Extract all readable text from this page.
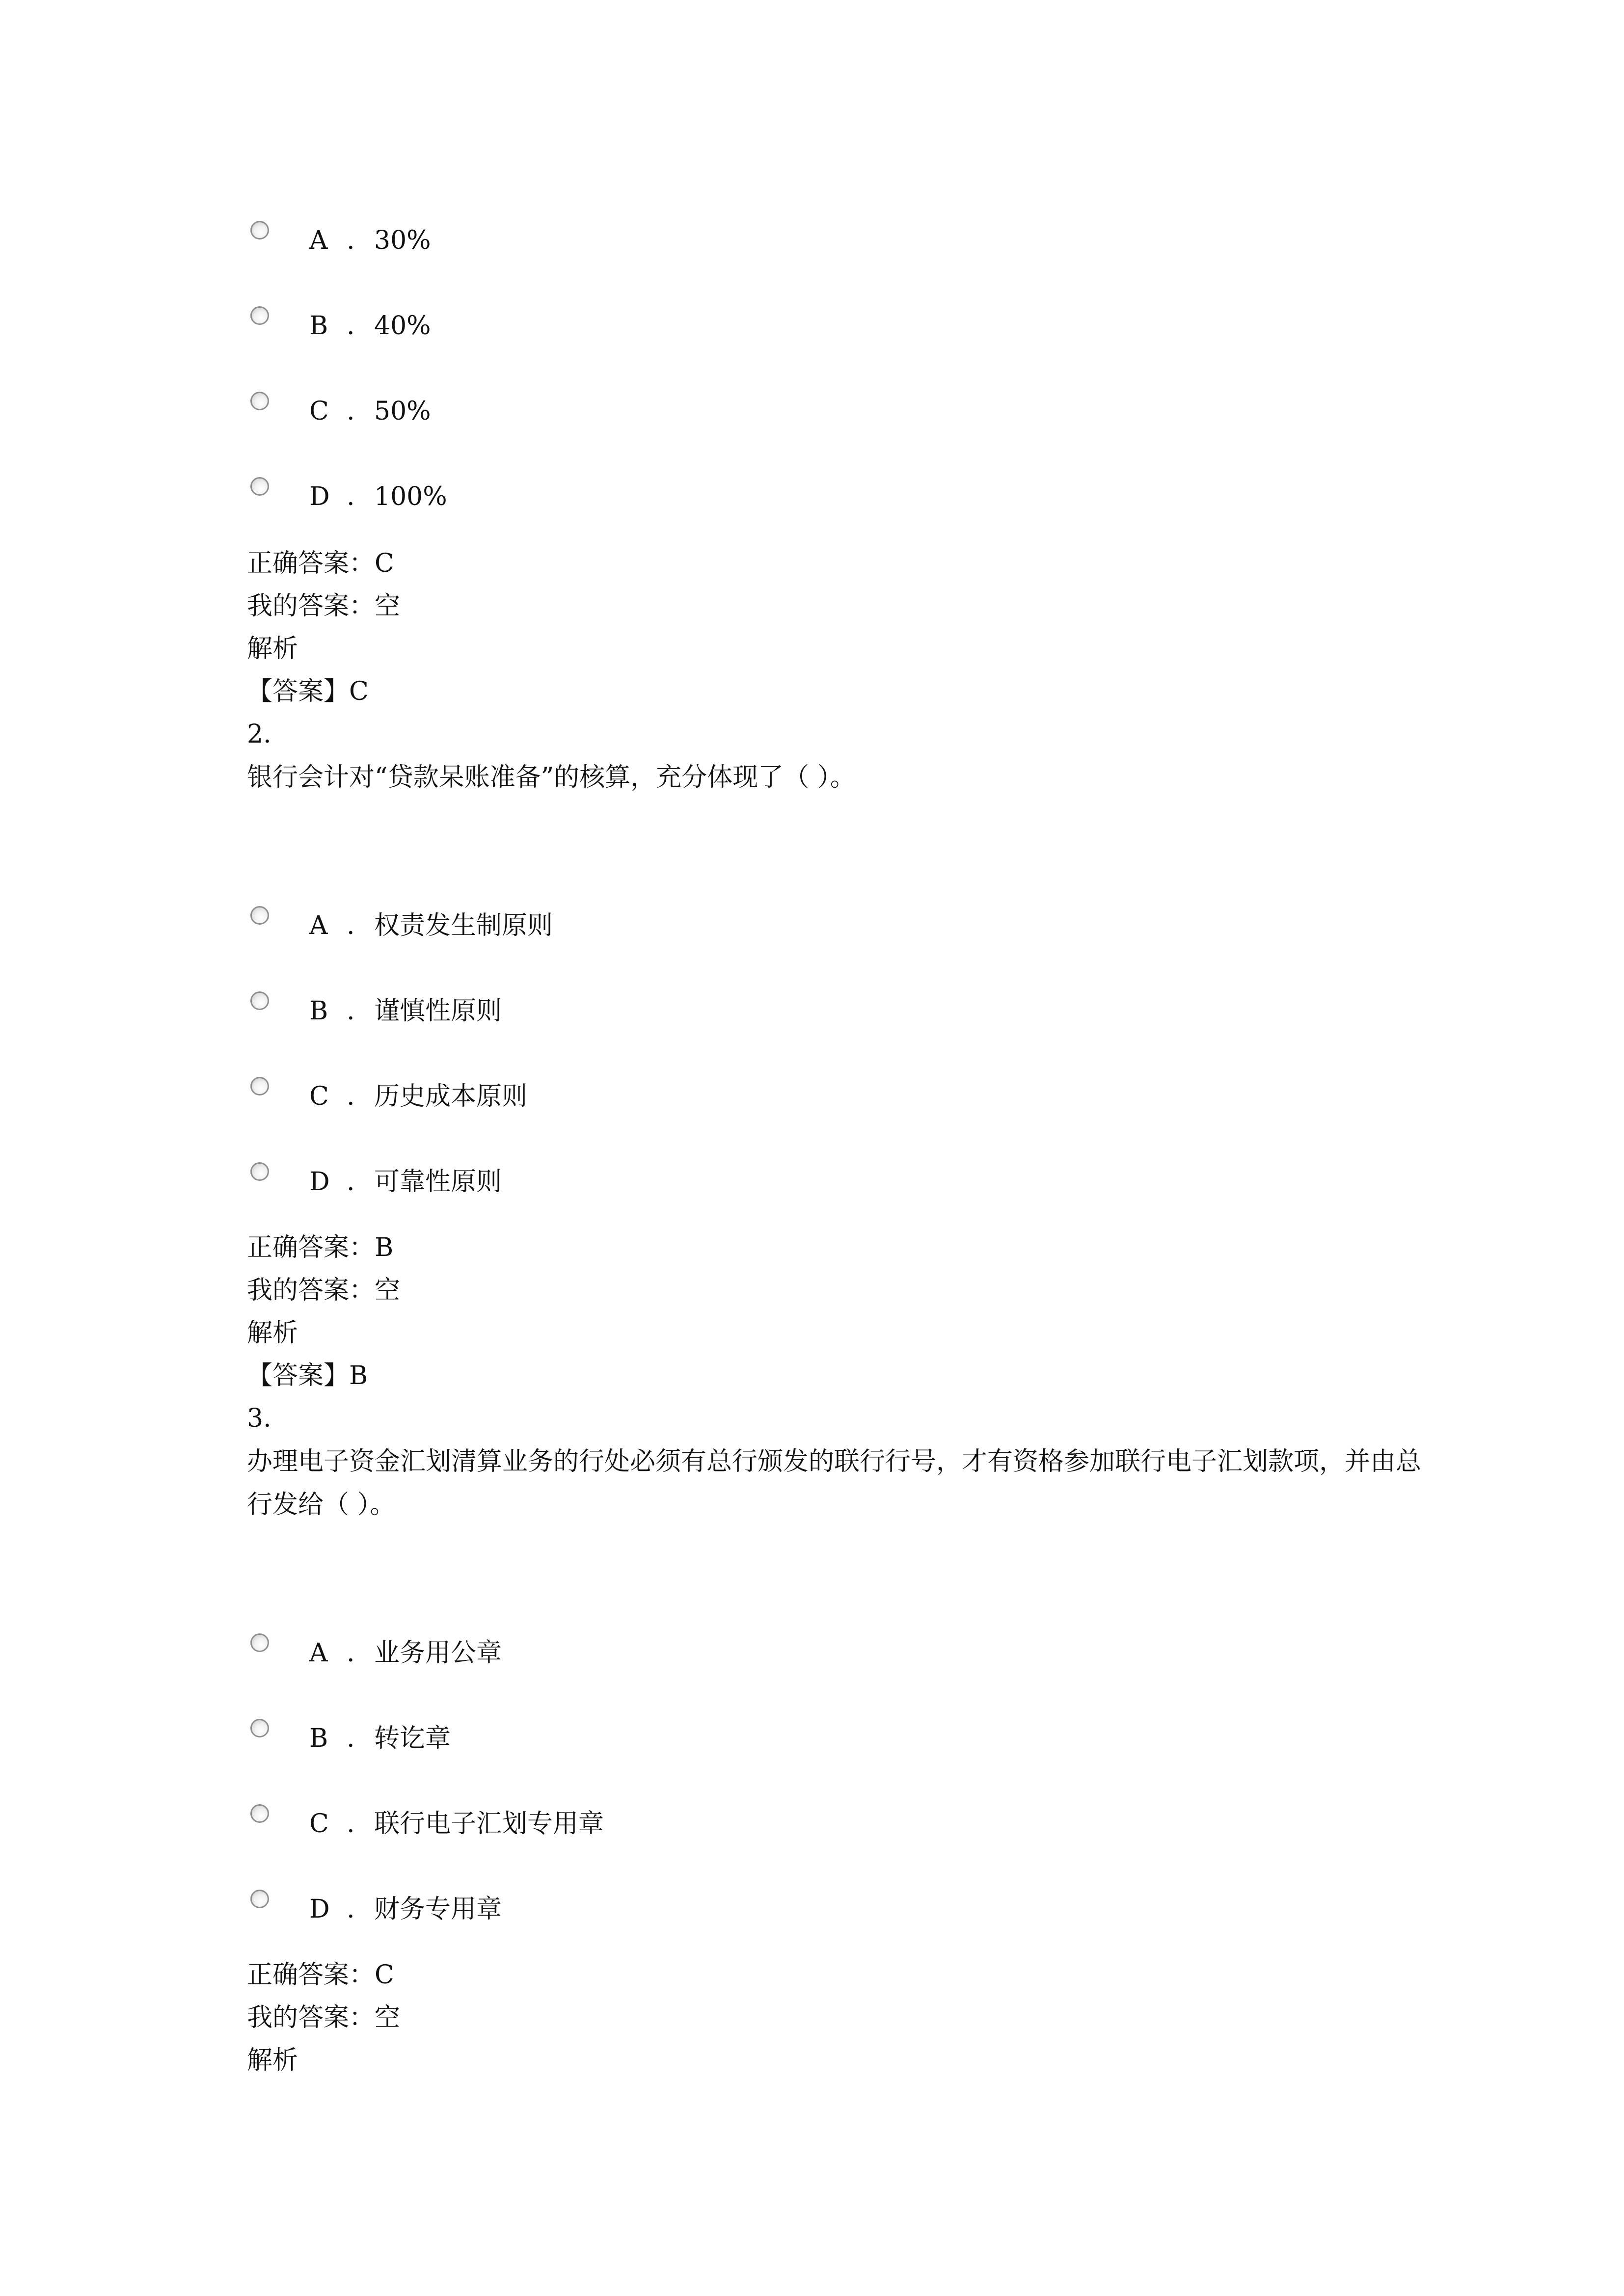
A . 30%
B . 40%
C . 50%
D . 100%
正确答案：C
我的答案：空
解析
【答案】C
2.
银行会计对“贷款呆账准备”的核算，充分体现了（ ）。
A . 权责发生制原则
B . 谨慎性原则
C . 历史成本原则
D . 可靠性原则
正确答案：B
我的答案：空
解析
【答案】B
3.
办理电子资金汇划清算业务的行处必须有总行颁发的联行行号，才有资格参加联行电子汇划款项，并由总行发给（ ）。
A . 业务用公章
B . 转讫章
C . 联行电子汇划专用章
D . 财务专用章
正确答案：C
我的答案：空
解析
